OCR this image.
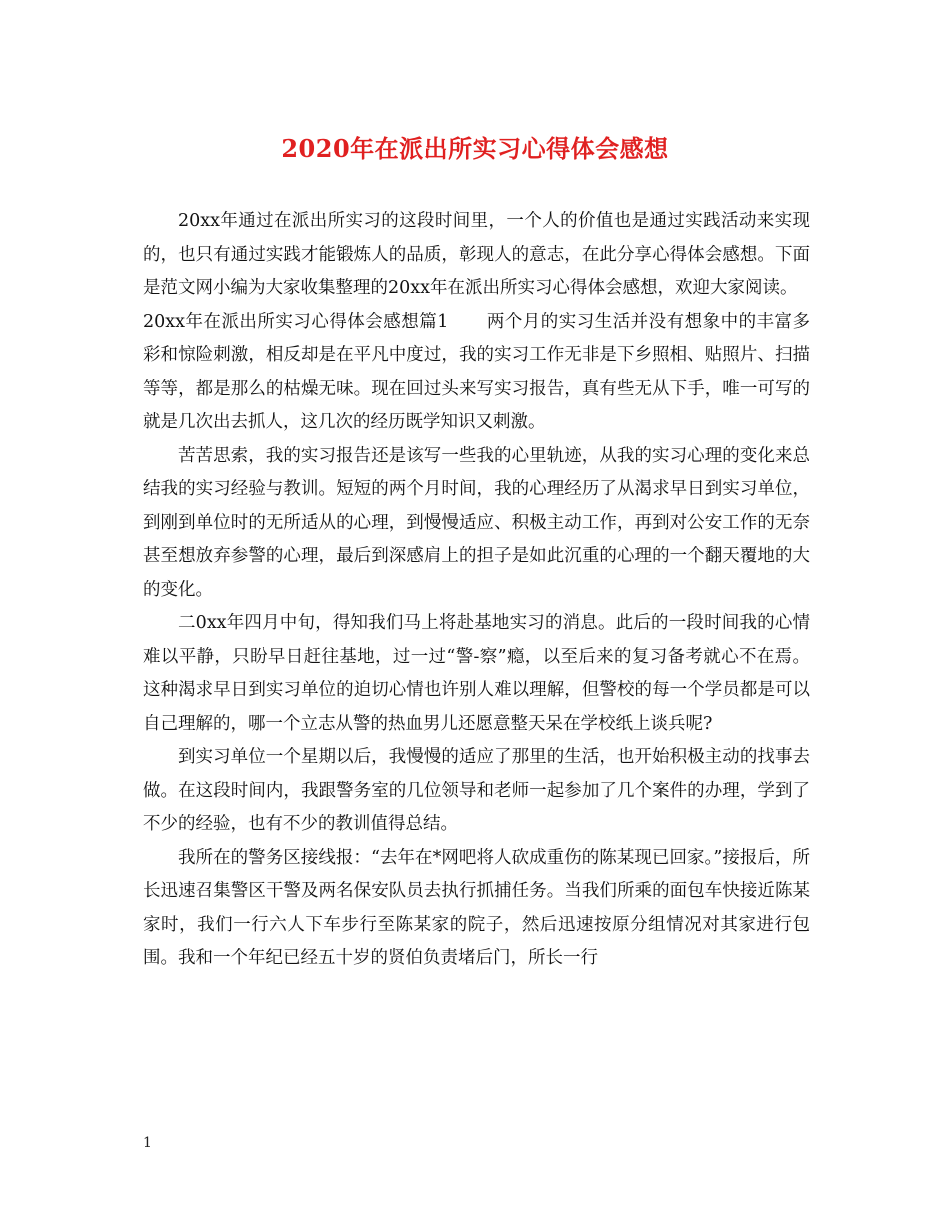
2020年在派出所实习心得体会感想

20xx年通过在派出所实习的这段时间里，一个人的价值也是通过实践活动来实现的，也只有通过实践才能锻炼人的品质，彰现人的意志，在此分享心得体会感想。下面是范文网小编为大家收集整理的20xx年在派出所实习心得体会感想，欢迎大家阅读。

20xx年在派出所实习心得体会感想篇1 两个月的实习生活并没有想象中的丰富多彩和惊险刺激，相反却是在平凡中度过，我的实习工作无非是下乡照相、贴照片、扫描等等，都是那么的枯燥无味。现在回过头来写实习报告，真有些无从下手，唯一可写的就是几次出去抓人，这几次的经历既学知识又刺激。

苦苦思索，我的实习报告还是该写一些我的心里轨迹，从我的实习心理的变化来总结我的实习经验与教训。短短的两个月时间，我的心理经历了从渴求早日到实习单位，到刚到单位时的无所适从的心理，到慢慢适应、积极主动工作，再到对公安工作的无奈甚至想放弃参警的心理，最后到深感肩上的担子是如此沉重的心理的一个翻天覆地的大的变化。

二0xx年四月中旬，得知我们马上将赴基地实习的消息。此后的一段时间我的心情难以平静，只盼早日赶往基地，过一过“警-察”瘾，以至后来的复习备考就心不在焉。这种渴求早日到实习单位的迫切心情也许别人难以理解，但警校的每一个学员都是可以自己理解的，哪一个立志从警的热血男儿还愿意整天呆在学校纸上谈兵呢?

到实习单位一个星期以后，我慢慢的适应了那里的生活，也开始积极主动的找事去做。在这段时间内，我跟警务室的几位领导和老师一起参加了几个案件的办理，学到了不少的经验，也有不少的教训值得总结。

我所在的警务区接线报：“去年在*网吧将人砍成重伤的陈某现已回家。”接报后，所长迅速召集警区干警及两名保安队员去执行抓捕任务。当我们所乘的面包车快接近陈某家时，我们一行六人下车步行至陈某家的院子，然后迅速按原分组情况对其家进行包围。我和一个年纪已经五十岁的贤伯负责堵后门，所长一行

1
